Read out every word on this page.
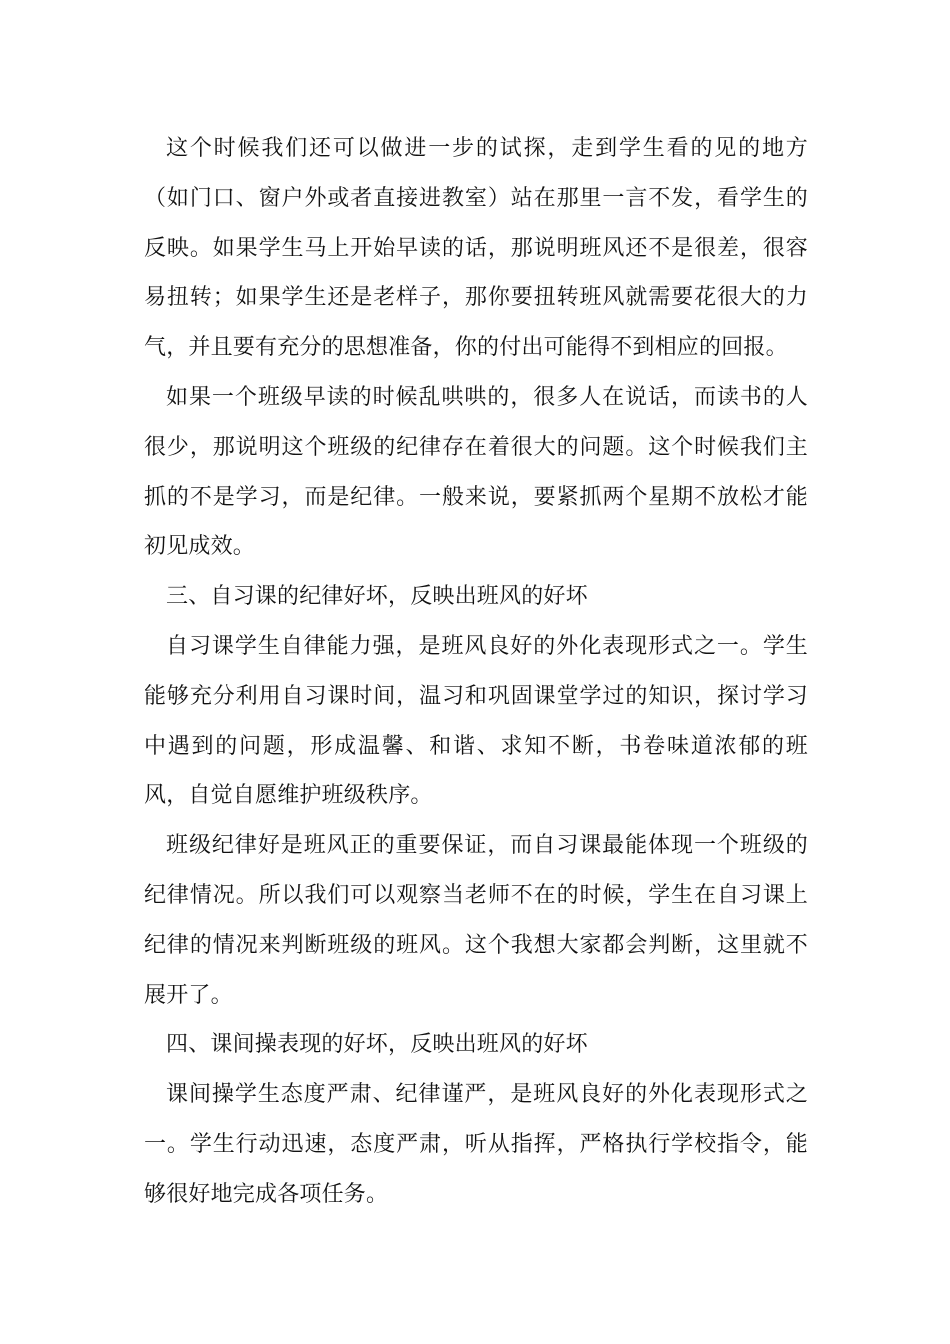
这个时候我们还可以做进一步的试探，走到学生看的见的地方（如门口、窗户外或者直接进教室）站在那里一言不发，看学生的反映。如果学生马上开始早读的话，那说明班风还不是很差，很容易扭转；如果学生还是老样子，那你要扭转班风就需要花很大的力气，并且要有充分的思想准备，你的付出可能得不到相应的回报。

如果一个班级早读的时候乱哄哄的，很多人在说话，而读书的人很少，那说明这个班级的纪律存在着很大的问题。这个时候我们主抓的不是学习，而是纪律。一般来说，要紧抓两个星期不放松才能初见成效。

三、自习课的纪律好坏，反映出班风的好坏

自习课学生自律能力强，是班风良好的外化表现形式之一。学生能够充分利用自习课时间，温习和巩固课堂学过的知识，探讨学习中遇到的问题，形成温馨、和谐、求知不断，书卷味道浓郁的班风，自觉自愿维护班级秩序。

班级纪律好是班风正的重要保证，而自习课最能体现一个班级的纪律情况。所以我们可以观察当老师不在的时候，学生在自习课上纪律的情况来判断班级的班风。这个我想大家都会判断，这里就不展开了。

四、课间操表现的好坏，反映出班风的好坏

课间操学生态度严肃、纪律谨严，是班风良好的外化表现形式之一。学生行动迅速，态度严肃，听从指挥，严格执行学校指令，能够很好地完成各项任务。
